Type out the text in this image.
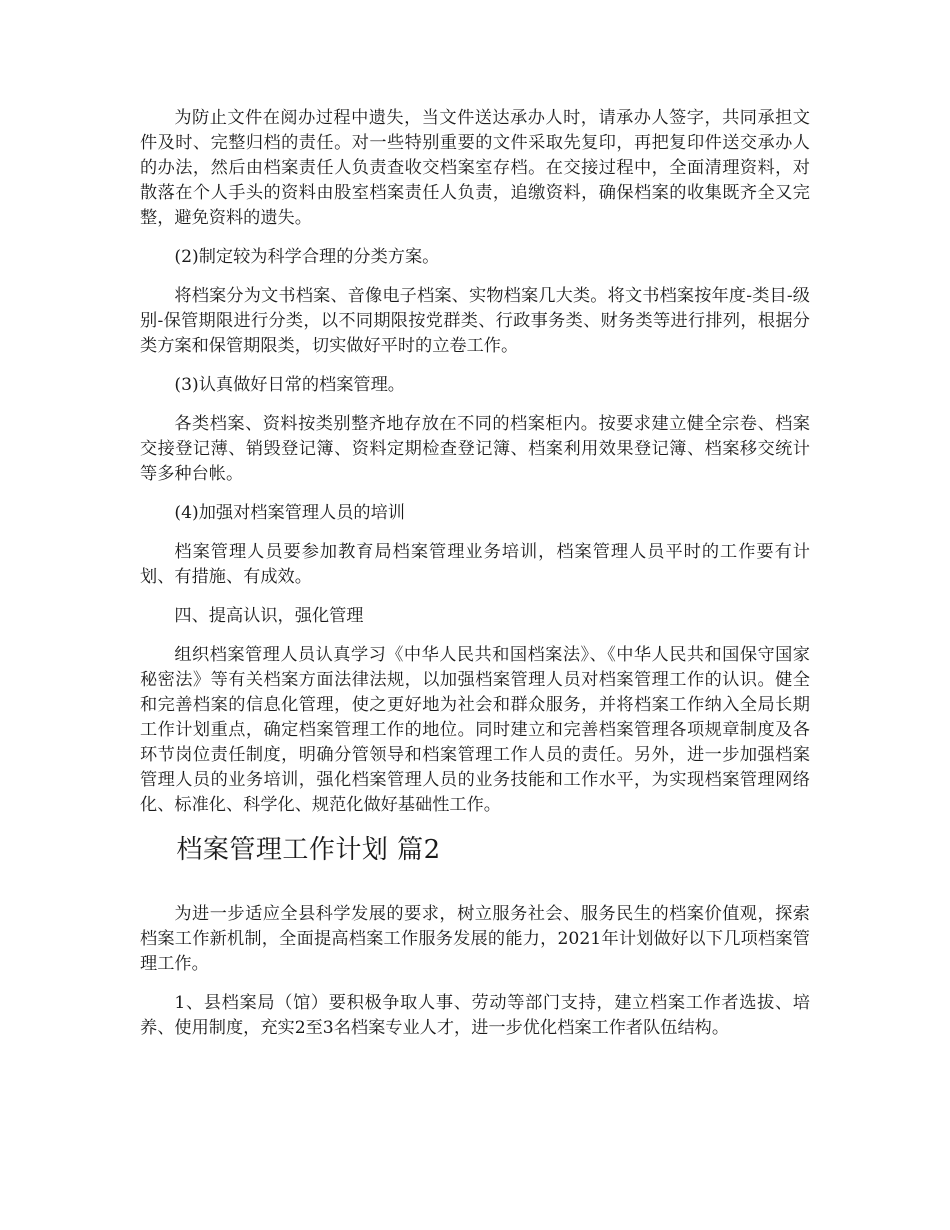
为防止文件在阅办过程中遗失，当文件送达承办人时，请承办人签字，共同承担文件及时、完整归档的责任。对一些特别重要的文件采取先复印，再把复印件送交承办人的办法，然后由档案责任人负责查收交档案室存档。在交接过程中，全面清理资料，对散落在个人手头的资料由股室档案责任人负责，追缴资料，确保档案的收集既齐全又完整，避免资料的遗失。

(2)制定较为科学合理的分类方案。

将档案分为文书档案、音像电子档案、实物档案几大类。将文书档案按年度-类目-级别-保管期限进行分类，以不同期限按党群类、行政事务类、财务类等进行排列，根据分类方案和保管期限类，切实做好平时的立卷工作。

(3)认真做好日常的档案管理。

各类档案、资料按类别整齐地存放在不同的档案柜内。按要求建立健全宗卷、档案交接登记薄、销毁登记簿、资料定期检查登记簿、档案利用效果登记簿、档案移交统计等多种台帐。

(4)加强对档案管理人员的培训

档案管理人员要参加教育局档案管理业务培训，档案管理人员平时的工作要有计划、有措施、有成效。

四、提高认识，强化管理

组织档案管理人员认真学习《中华人民共和国档案法》、《中华人民共和国保守国家秘密法》等有关档案方面法律法规，以加强档案管理人员对档案管理工作的认识。健全和完善档案的信息化管理，使之更好地为社会和群众服务，并将档案工作纳入全局长期工作计划重点，确定档案管理工作的地位。同时建立和完善档案管理各项规章制度及各环节岗位责任制度，明确分管领导和档案管理工作人员的责任。另外，进一步加强档案管理人员的业务培训，强化档案管理人员的业务技能和工作水平，为实现档案管理网络化、标准化、科学化、规范化做好基础性工作。

档案管理工作计划 篇2

为进一步适应全县科学发展的要求，树立服务社会、服务民生的档案价值观，探索档案工作新机制，全面提高档案工作服务发展的能力，2021年计划做好以下几项档案管理工作。

1、县档案局（馆）要积极争取人事、劳动等部门支持，建立档案工作者选拔、培养、使用制度，充实2至3名档案专业人才，进一步优化档案工作者队伍结构。
